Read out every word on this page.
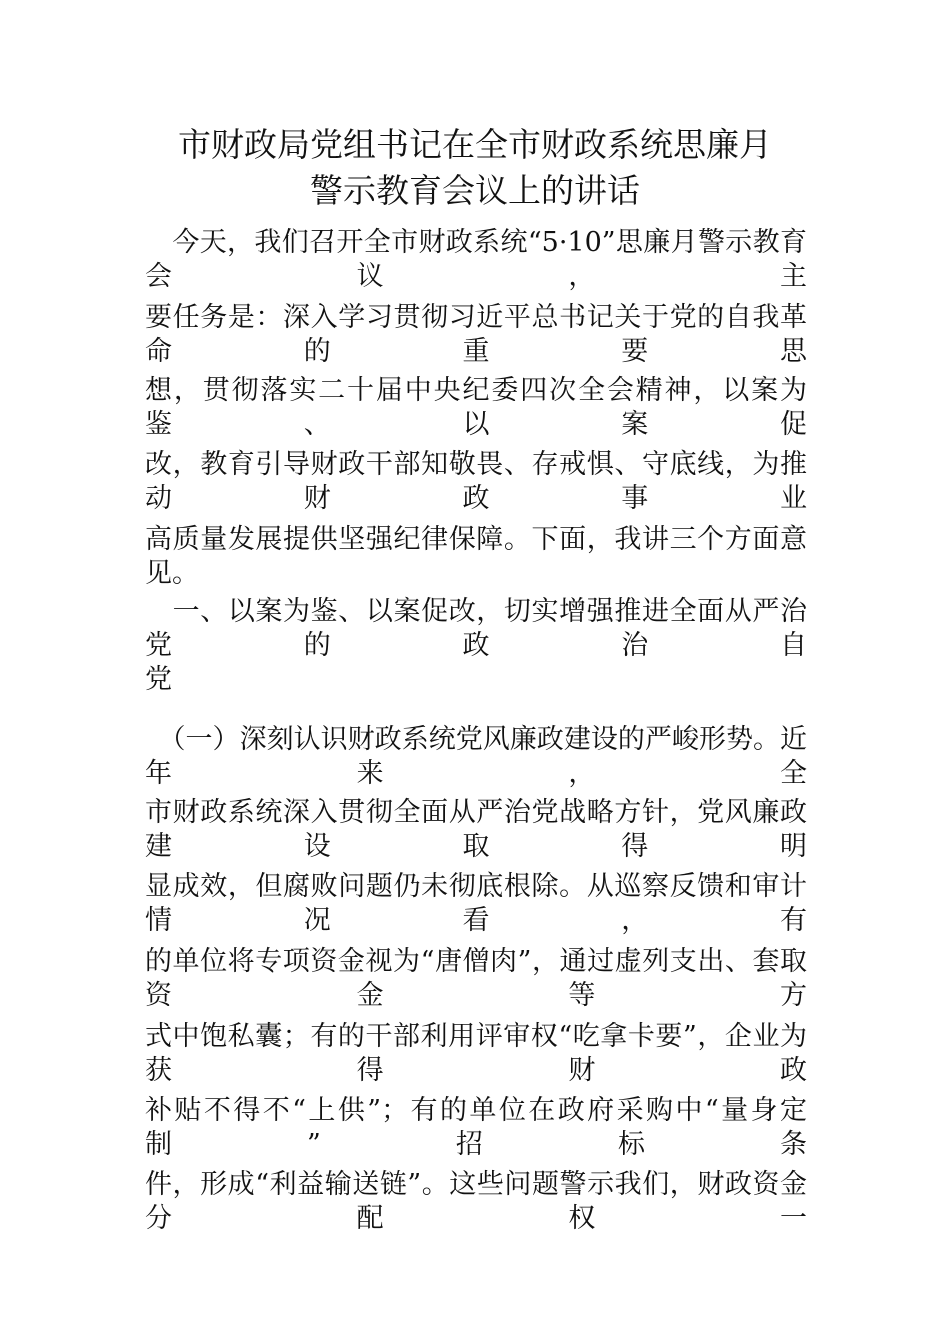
市财政局党组书记在全市财政系统思廉月
警示教育会议上的讲话
　今天，我们召开全市财政系统“5·10”思廉月警示教育会议，主
要任务是：深入学习贯彻习近平总书记关于党的自我革命的重要思
想，贯彻落实二十届中央纪委四次全会精神，以案为鉴、以案促
改，教育引导财政干部知敬畏、存戒惧、守底线，为推动财政事业
高质量发展提供坚强纪律保障。下面，我讲三个方面意见。
　一、以案为鉴、以案促改，切实增强推进全面从严治党的政治自
党
　（一）深刻认识财政系统党风廉政建设的严峻形势。近年来，全
市财政系统深入贯彻全面从严治党战略方针，党风廉政建设取得明
显成效，但腐败问题仍未彻底根除。从巡察反馈和审计情况看，有
的单位将专项资金视为“唐僧肉”，通过虚列支出、套取资金等方
式中饱私囊；有的干部利用评审权“吃拿卡要”，企业为获得财政
补贴不得不“上供”；有的单位在政府采购中“量身定制”招标条
件，形成“利益输送链”。这些问题警示我们，财政资金分配权一
